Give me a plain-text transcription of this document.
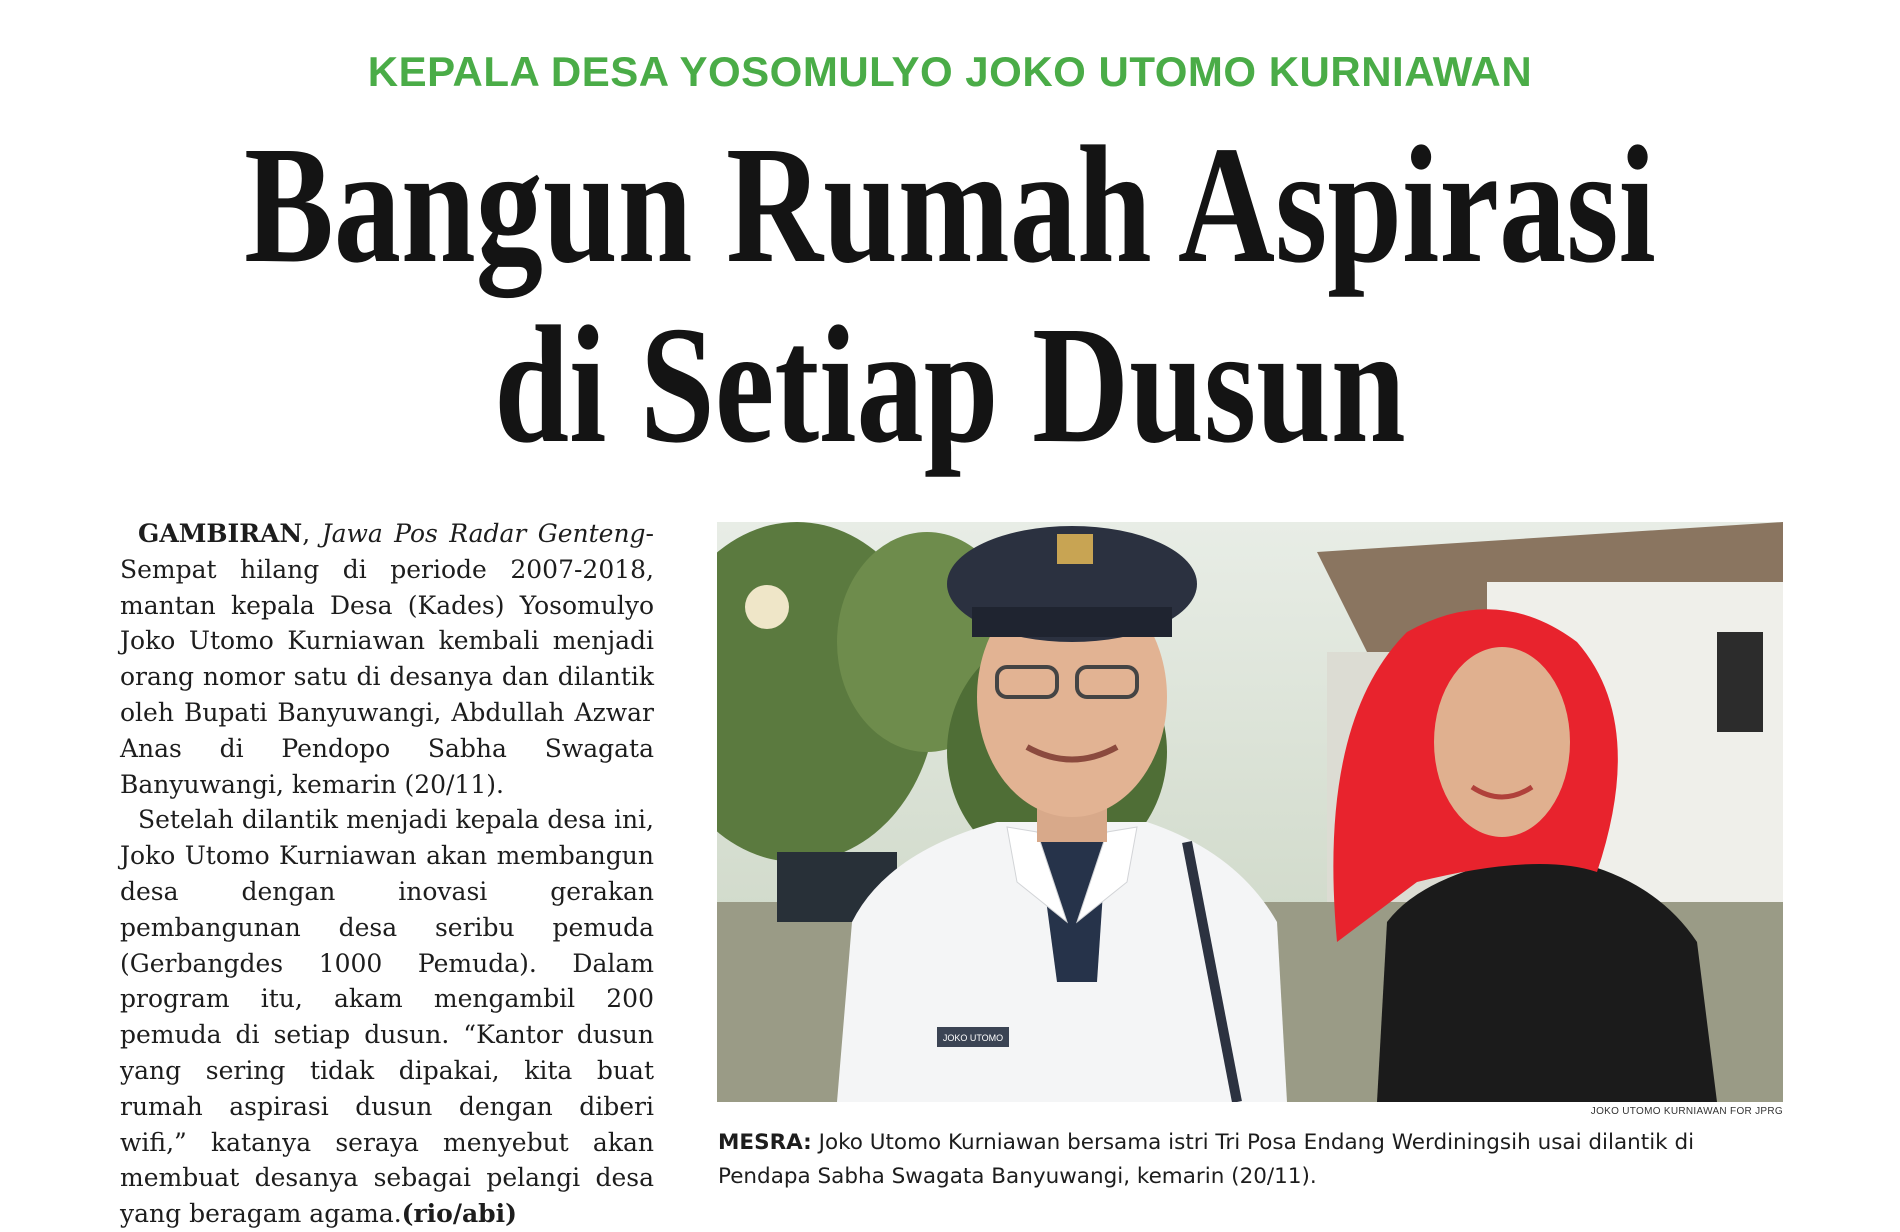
KEPALA DESA YOSOMULYO JOKO UTOMO KURNIAWAN
Bangun Rumah Aspirasi
di Setiap Dusun

GAMBIRAN, Jawa Pos Radar Genteng- Sempat hilang di periode 2007-2018, mantan kepala Desa (Kades) Yosomulyo Joko Utomo Kurniawan kembali menjadi orang nomor satu di desanya dan dilantik oleh Bupati Banyuwangi, Abdullah Azwar Anas di Pendopo Sabha Swagata Banyuwangi, kemarin (20/11).

Setelah dilantik menjadi kepala desa ini, Joko Utomo Kurniawan akan membangun desa dengan inovasi gerakan pembangunan desa seribu pemuda (Gerbangdes 1000 Pemuda). Dalam program itu, akam mengambil 200 pemuda di setiap dusun. “Kantor dusun yang sering tidak dipakai, kita buat rumah aspirasi dusun dengan diberi wifi,” katanya seraya menyebut akan membuat desanya sebagai pelangi desa yang beragam agama.(rio/abi)

JOKO UTOMO
JOKO UTOMO KURNIAWAN FOR JPRG
MESRA: Joko Utomo Kurniawan bersama istri Tri Posa Endang Werdiningsih usai dilantik di Pendapa Sabha Swagata Banyuwangi, kemarin (20/11).
